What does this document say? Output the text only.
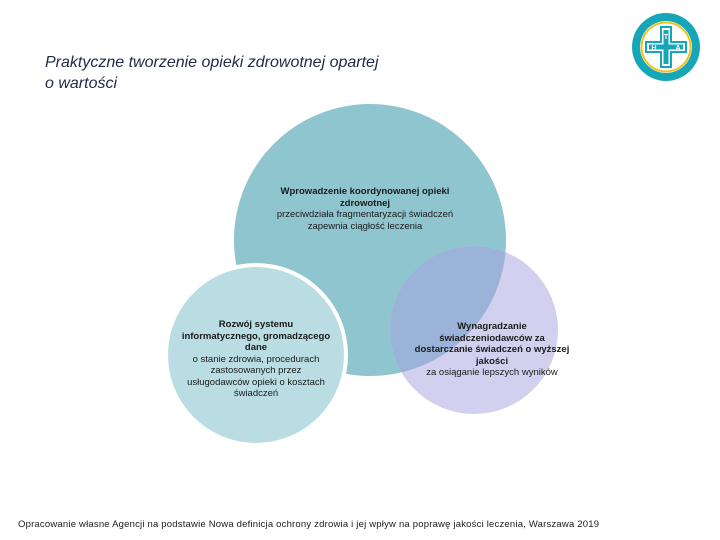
Praktyczne tworzenie opieki zdrowotnej opartej
o wartości
H
T
A
Wprowadzenie koordynowanej opieki zdrowotnej
przeciwdziała fragmentaryzacji świadczeń zapewnia ciągłość leczenia
Rozwój systemu informatycznego, gromadzącego dane
o stanie zdrowia, procedurach zastosowanych przez usługodawców opieki o kosztach świadczeń
Wynagradzanie świadczeniodawców za dostarczanie świadczeń o wyższej jakości
za osiąganie lepszych wyników
Opracowanie własne Agencji na podstawie Nowa definicja ochrony zdrowia i jej wpływ na poprawę jakości leczenia, Warszawa 2019
